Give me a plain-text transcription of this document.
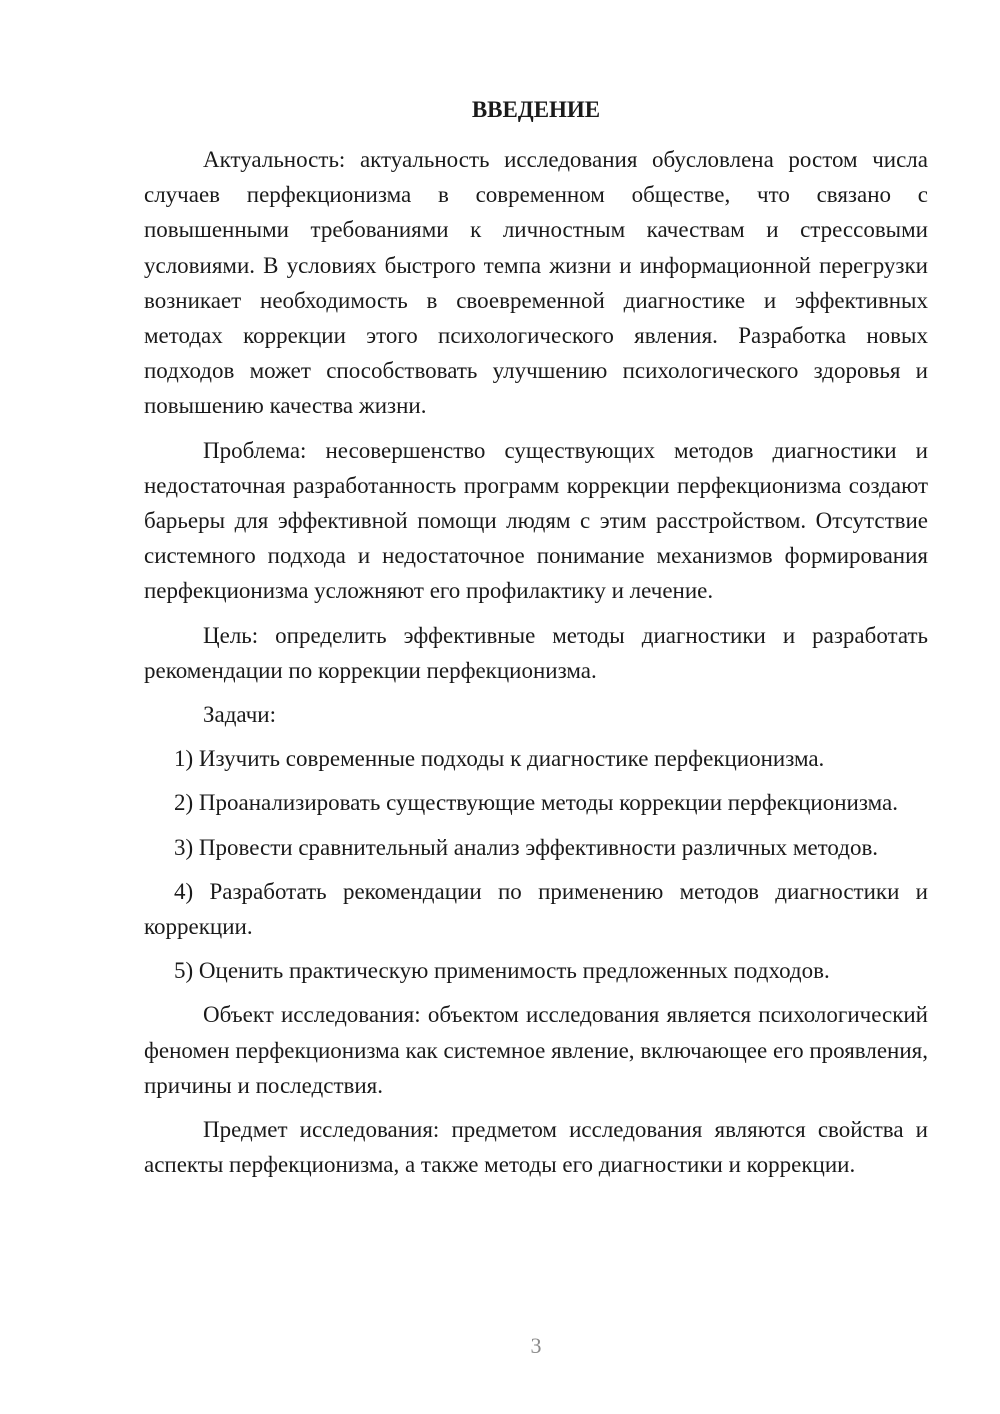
ВВЕДЕНИЕ

Актуальность: актуальность исследования обусловлена ростом числа случаев перфекционизма в современном обществе, что связано с повышенными требованиями к личностным качествам и стрессовыми условиями. В условиях быстрого темпа жизни и информационной перегрузки возникает необходимость в своевременной диагностике и эффективных методах коррекции этого психологического явления. Разработка новых подходов может способствовать улучшению психологического здоровья и повышению качества жизни.

Проблема: несовершенство существующих методов диагностики и недостаточная разработанность программ коррекции перфекционизма создают барьеры для эффективной помощи людям с этим расстройством. Отсутствие системного подхода и недостаточное понимание механизмов формирования перфекционизма усложняют его профилактику и лечение.

Цель: определить эффективные методы диагностики и разработать рекомендации по коррекции перфекционизма.

Задачи:

1) Изучить современные подходы к диагностике перфекционизма.

2) Проанализировать существующие методы коррекции перфекционизма.

3) Провести сравнительный анализ эффективности различных методов.

4) Разработать рекомендации по применению методов диагностики и коррекции.

5) Оценить практическую применимость предложенных подходов.

Объект исследования: объектом исследования является психологический феномен перфекционизма как системное явление, включающее его проявления, причины и последствия.

Предмет исследования: предметом исследования являются свойства и аспекты перфекционизма, а также методы его диагностики и коррекции.

3
